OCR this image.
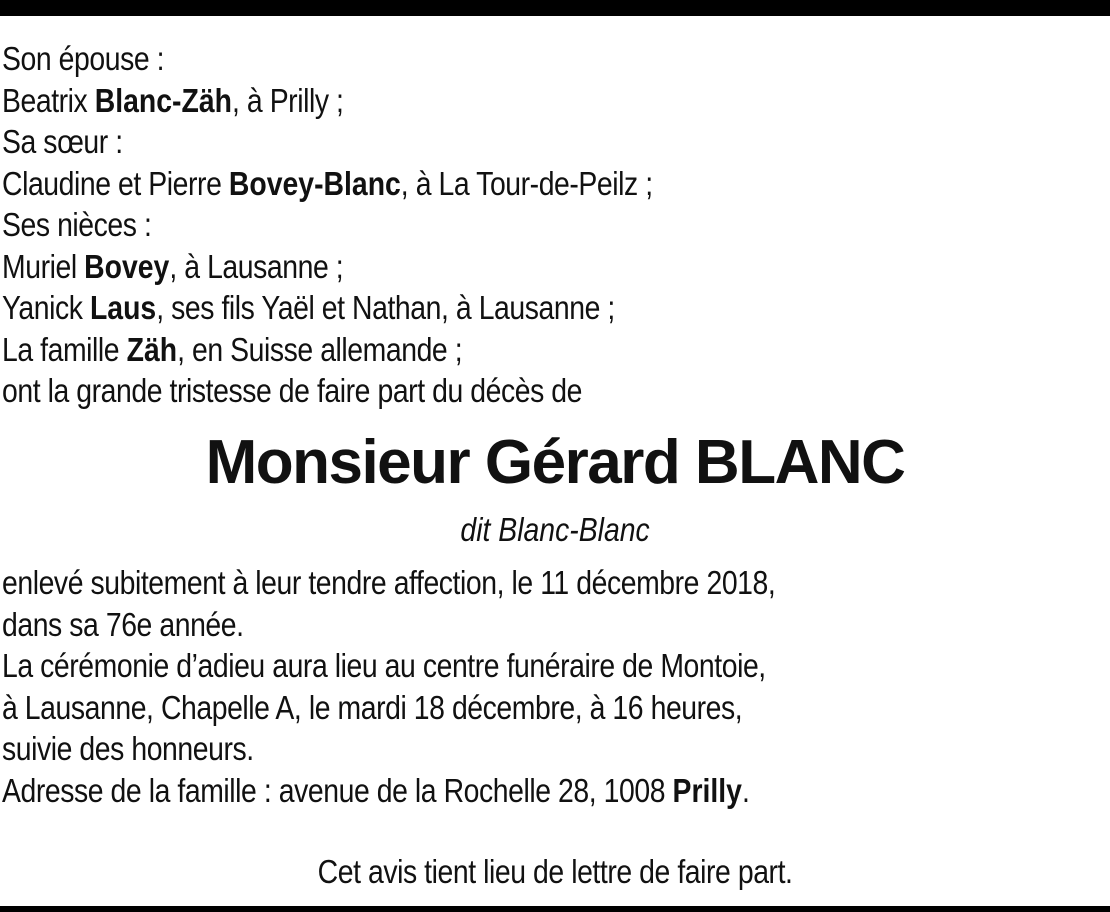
Son épouse :
Beatrix Blanc-Zäh, à Prilly ;
Sa sœur :
Claudine et Pierre Bovey-Blanc, à La Tour-de-Peilz ;
Ses nièces :
Muriel Bovey, à Lausanne ;
Yanick Laus, ses fils Yaël et Nathan, à Lausanne ;
La famille Zäh, en Suisse allemande ;
ont la grande tristesse de faire part du décès de
Monsieur Gérard BLANC
dit Blanc-Blanc
enlevé subitement à leur tendre affection, le 11 décembre 2018,
dans sa 76e année.
La cérémonie d’adieu aura lieu au centre funéraire de Montoie,
à Lausanne, Chapelle A, le mardi 18 décembre, à 16 heures,
suivie des honneurs.
Adresse de la famille : avenue de la Rochelle 28, 1008 Prilly.
Cet avis tient lieu de lettre de faire part.
